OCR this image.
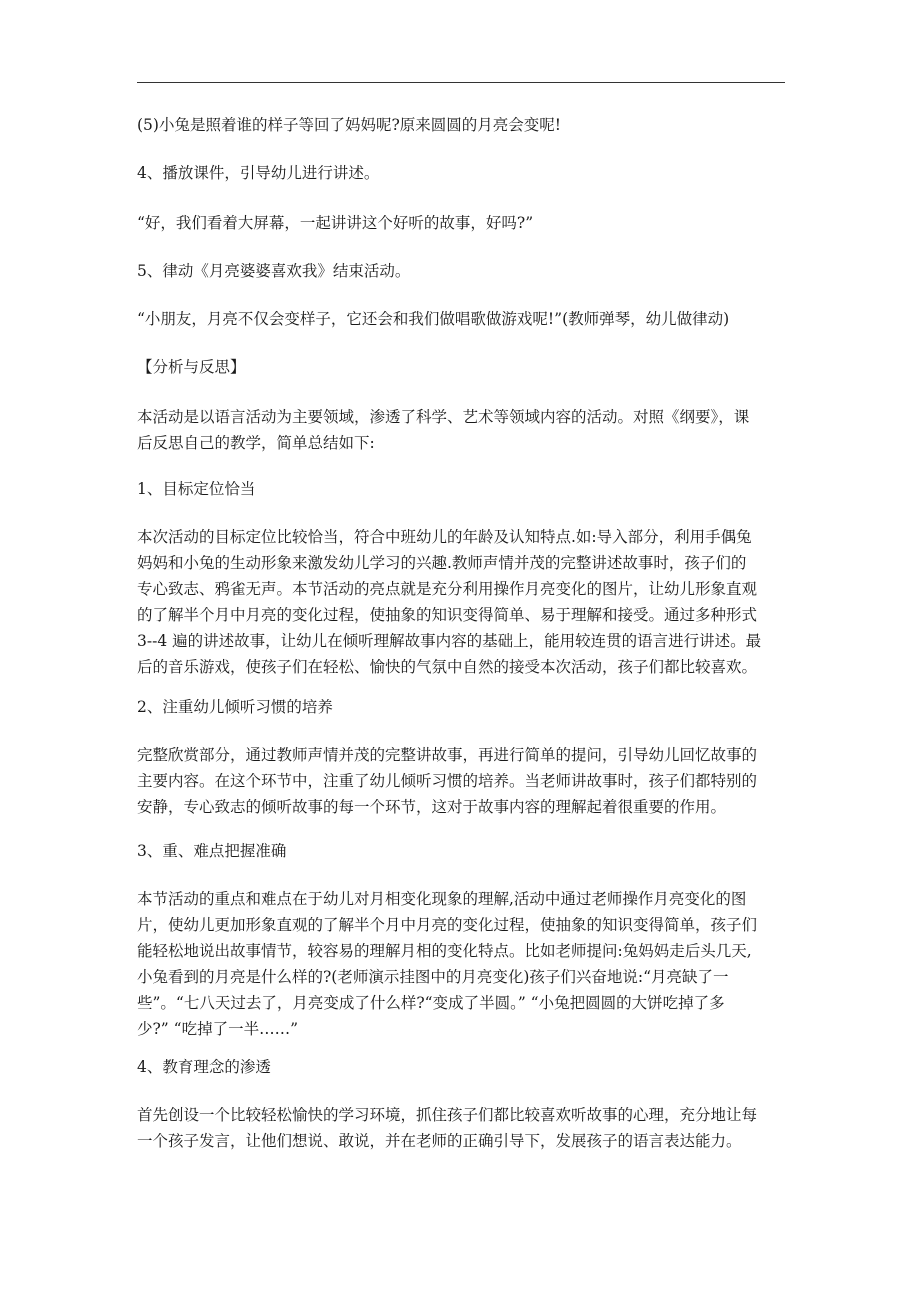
(5)小兔是照着谁的样子等回了妈妈呢?原来圆圆的月亮会变呢!

4、播放课件，引导幼儿进行讲述。

“好，我们看着大屏幕，一起讲讲这个好听的故事，好吗?”

5、律动《月亮婆婆喜欢我》结束活动。

“小朋友，月亮不仅会变样子，它还会和我们做唱歌做游戏呢!”(教师弹琴，幼儿做律动)

【分析与反思】

本活动是以语言活动为主要领域，渗透了科学、艺术等领域内容的活动。对照《纲要》，课
后反思自己的教学，简单总结如下:

1、目标定位恰当

本次活动的目标定位比较恰当，符合中班幼儿的年龄及认知特点.如:导入部分，利用手偶兔
妈妈和小兔的生动形象来激发幼儿学习的兴趣.教师声情并茂的完整讲述故事时，孩子们的
专心致志、鸦雀无声。本节活动的亮点就是充分利用操作月亮变化的图片，让幼儿形象直观
的了解半个月中月亮的变化过程，使抽象的知识变得简单、易于理解和接受。通过多种形式
3--4 遍的讲述故事，让幼儿在倾听理解故事内容的基础上，能用较连贯的语言进行讲述。最
后的音乐游戏，使孩子们在轻松、愉快的气氛中自然的接受本次活动，孩子们都比较喜欢。

2、注重幼儿倾听习惯的培养

完整欣赏部分，通过教师声情并茂的完整讲故事，再进行简单的提问，引导幼儿回忆故事的
主要内容。在这个环节中，注重了幼儿倾听习惯的培养。当老师讲故事时，孩子们都特别的
安静，专心致志的倾听故事的每一个环节，这对于故事内容的理解起着很重要的作用。

3、重、难点把握准确

本节活动的重点和难点在于幼儿对月相变化现象的理解,活动中通过老师操作月亮变化的图
片，使幼儿更加形象直观的了解半个月中月亮的变化过程，使抽象的知识变得简单，孩子们
能轻松地说出故事情节，较容易的理解月相的变化特点。比如老师提问:兔妈妈走后头几天,
小兔看到的月亮是什么样的?(老师演示挂图中的月亮变化)孩子们兴奋地说:“月亮缺了一
些”。“七八天过去了，月亮变成了什么样?“变成了半圆。” “小兔把圆圆的大饼吃掉了多
少?” “吃掉了一半……”

4、教育理念的渗透

首先创设一个比较轻松愉快的学习环境，抓住孩子们都比较喜欢听故事的心理，充分地让每
一个孩子发言，让他们想说、敢说，并在老师的正确引导下，发展孩子的语言表达能力。
